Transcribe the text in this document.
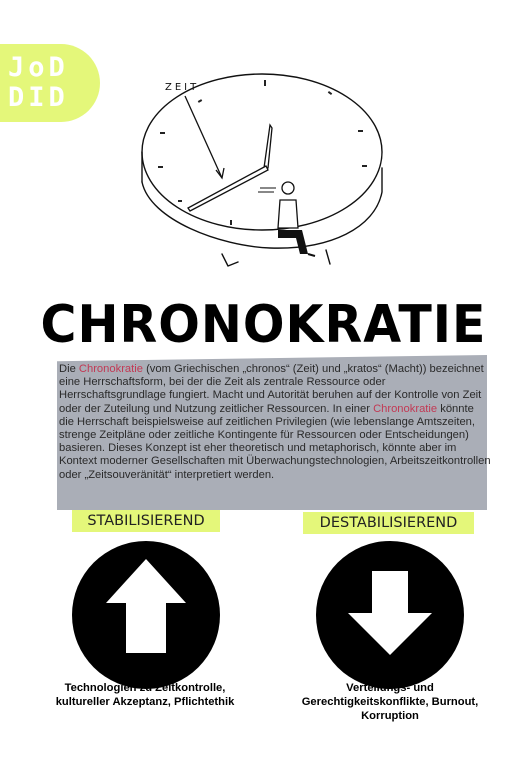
JoD
DID	ZEIT
CHRONOKRATIE
Die Chronokratie (vom Griechischen „chronos“ (Zeit) und „kratos“ (Macht)) bezeichnet eine Herrschaftsform, bei der die Zeit als zentrale Ressource oder Herrschaftsgrundlage fungiert. Macht und Autorität beruhen auf der Kontrolle von Zeit oder der Zuteilung und Nutzung zeitlicher Ressourcen. In einer Chronokratie könnte die Herrschaft beispielsweise auf zeitlichen Privilegien (wie lebenslange Amtszeiten, strenge Zeitpläne oder zeitliche Kontingente für Ressourcen oder Entscheidungen) basieren. Dieses Konzept ist eher theoretisch und metaphorisch, könnte aber im Kontext moderner Gesellschaften mit Überwachungstechnologien, Arbeitszeitkontrollen oder „Zeitsouveränität“ interpretiert werden.
STABILISIEREND	DESTABILISIEREND
Technologien zu Zeitkontrolle,
kultureller Akzeptanz, Pflichtethik
Verteilungs- und
Gerechtigkeitskonflikte, Burnout,
Korruption
